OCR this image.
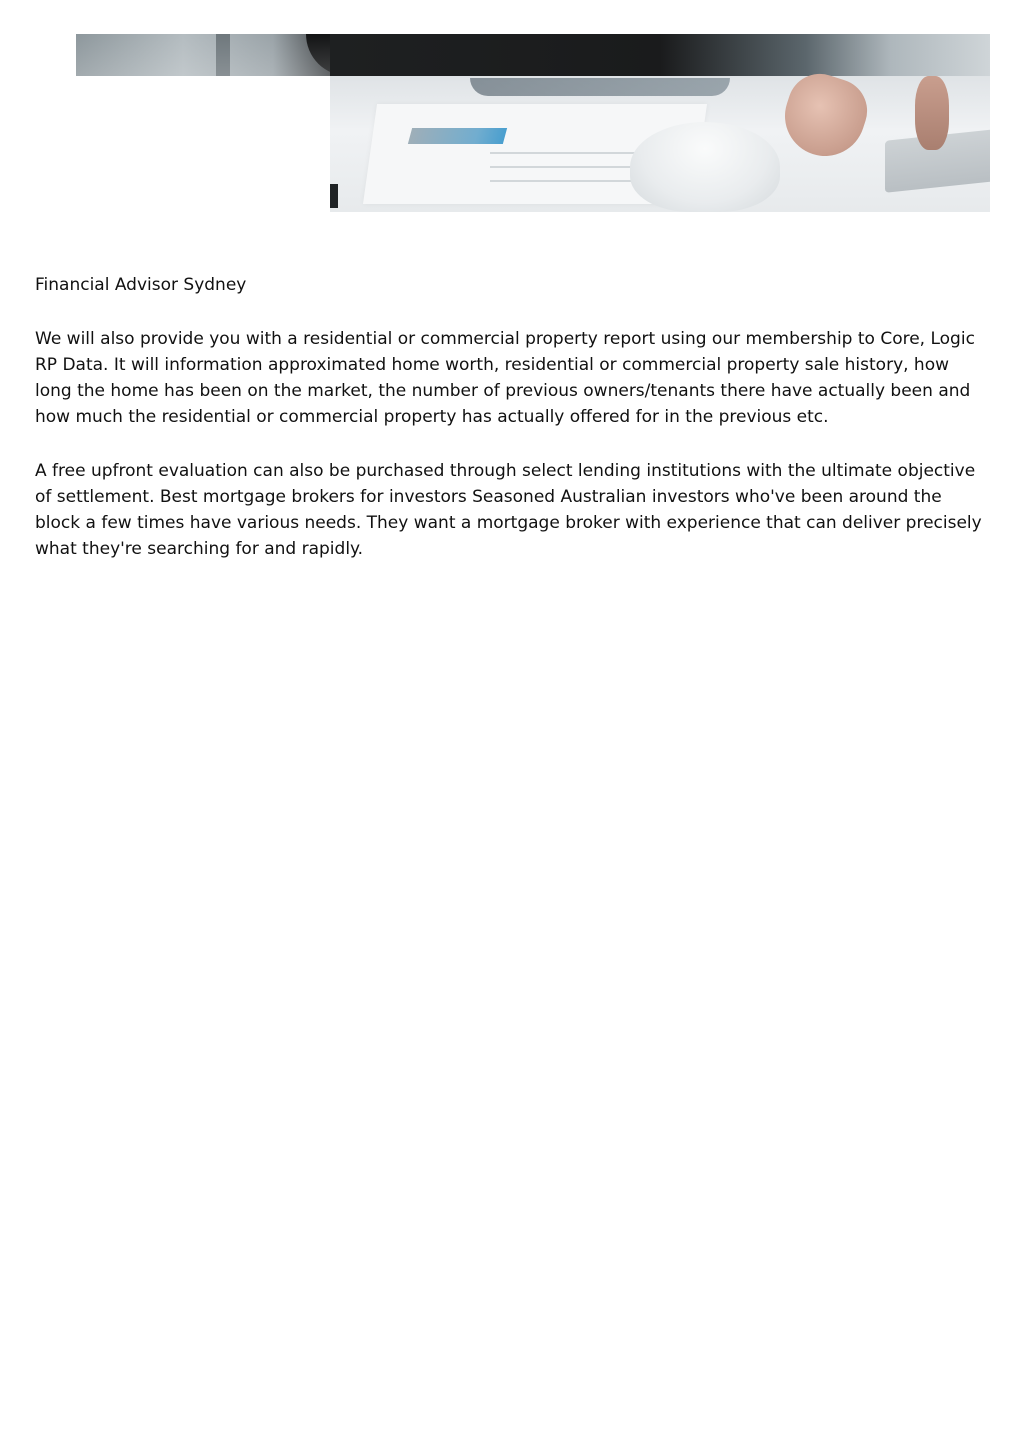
Financial Advisor Sydney

We will also provide you with a residential or commercial property report using our membership to Core, Logic RP Data. It will information approximated home worth, residential or commercial property sale history, how long the home has been on the market, the number of previous owners/tenants there have actually been and how much the residential or commercial property has actually offered for in the previous etc.

A free upfront evaluation can also be purchased through select lending institutions with the ultimate objective of settlement. Best mortgage brokers for investors Seasoned Australian investors who've been around the block a few times have various needs. They want a mortgage broker with experience that can deliver precisely what they're searching for and rapidly.
